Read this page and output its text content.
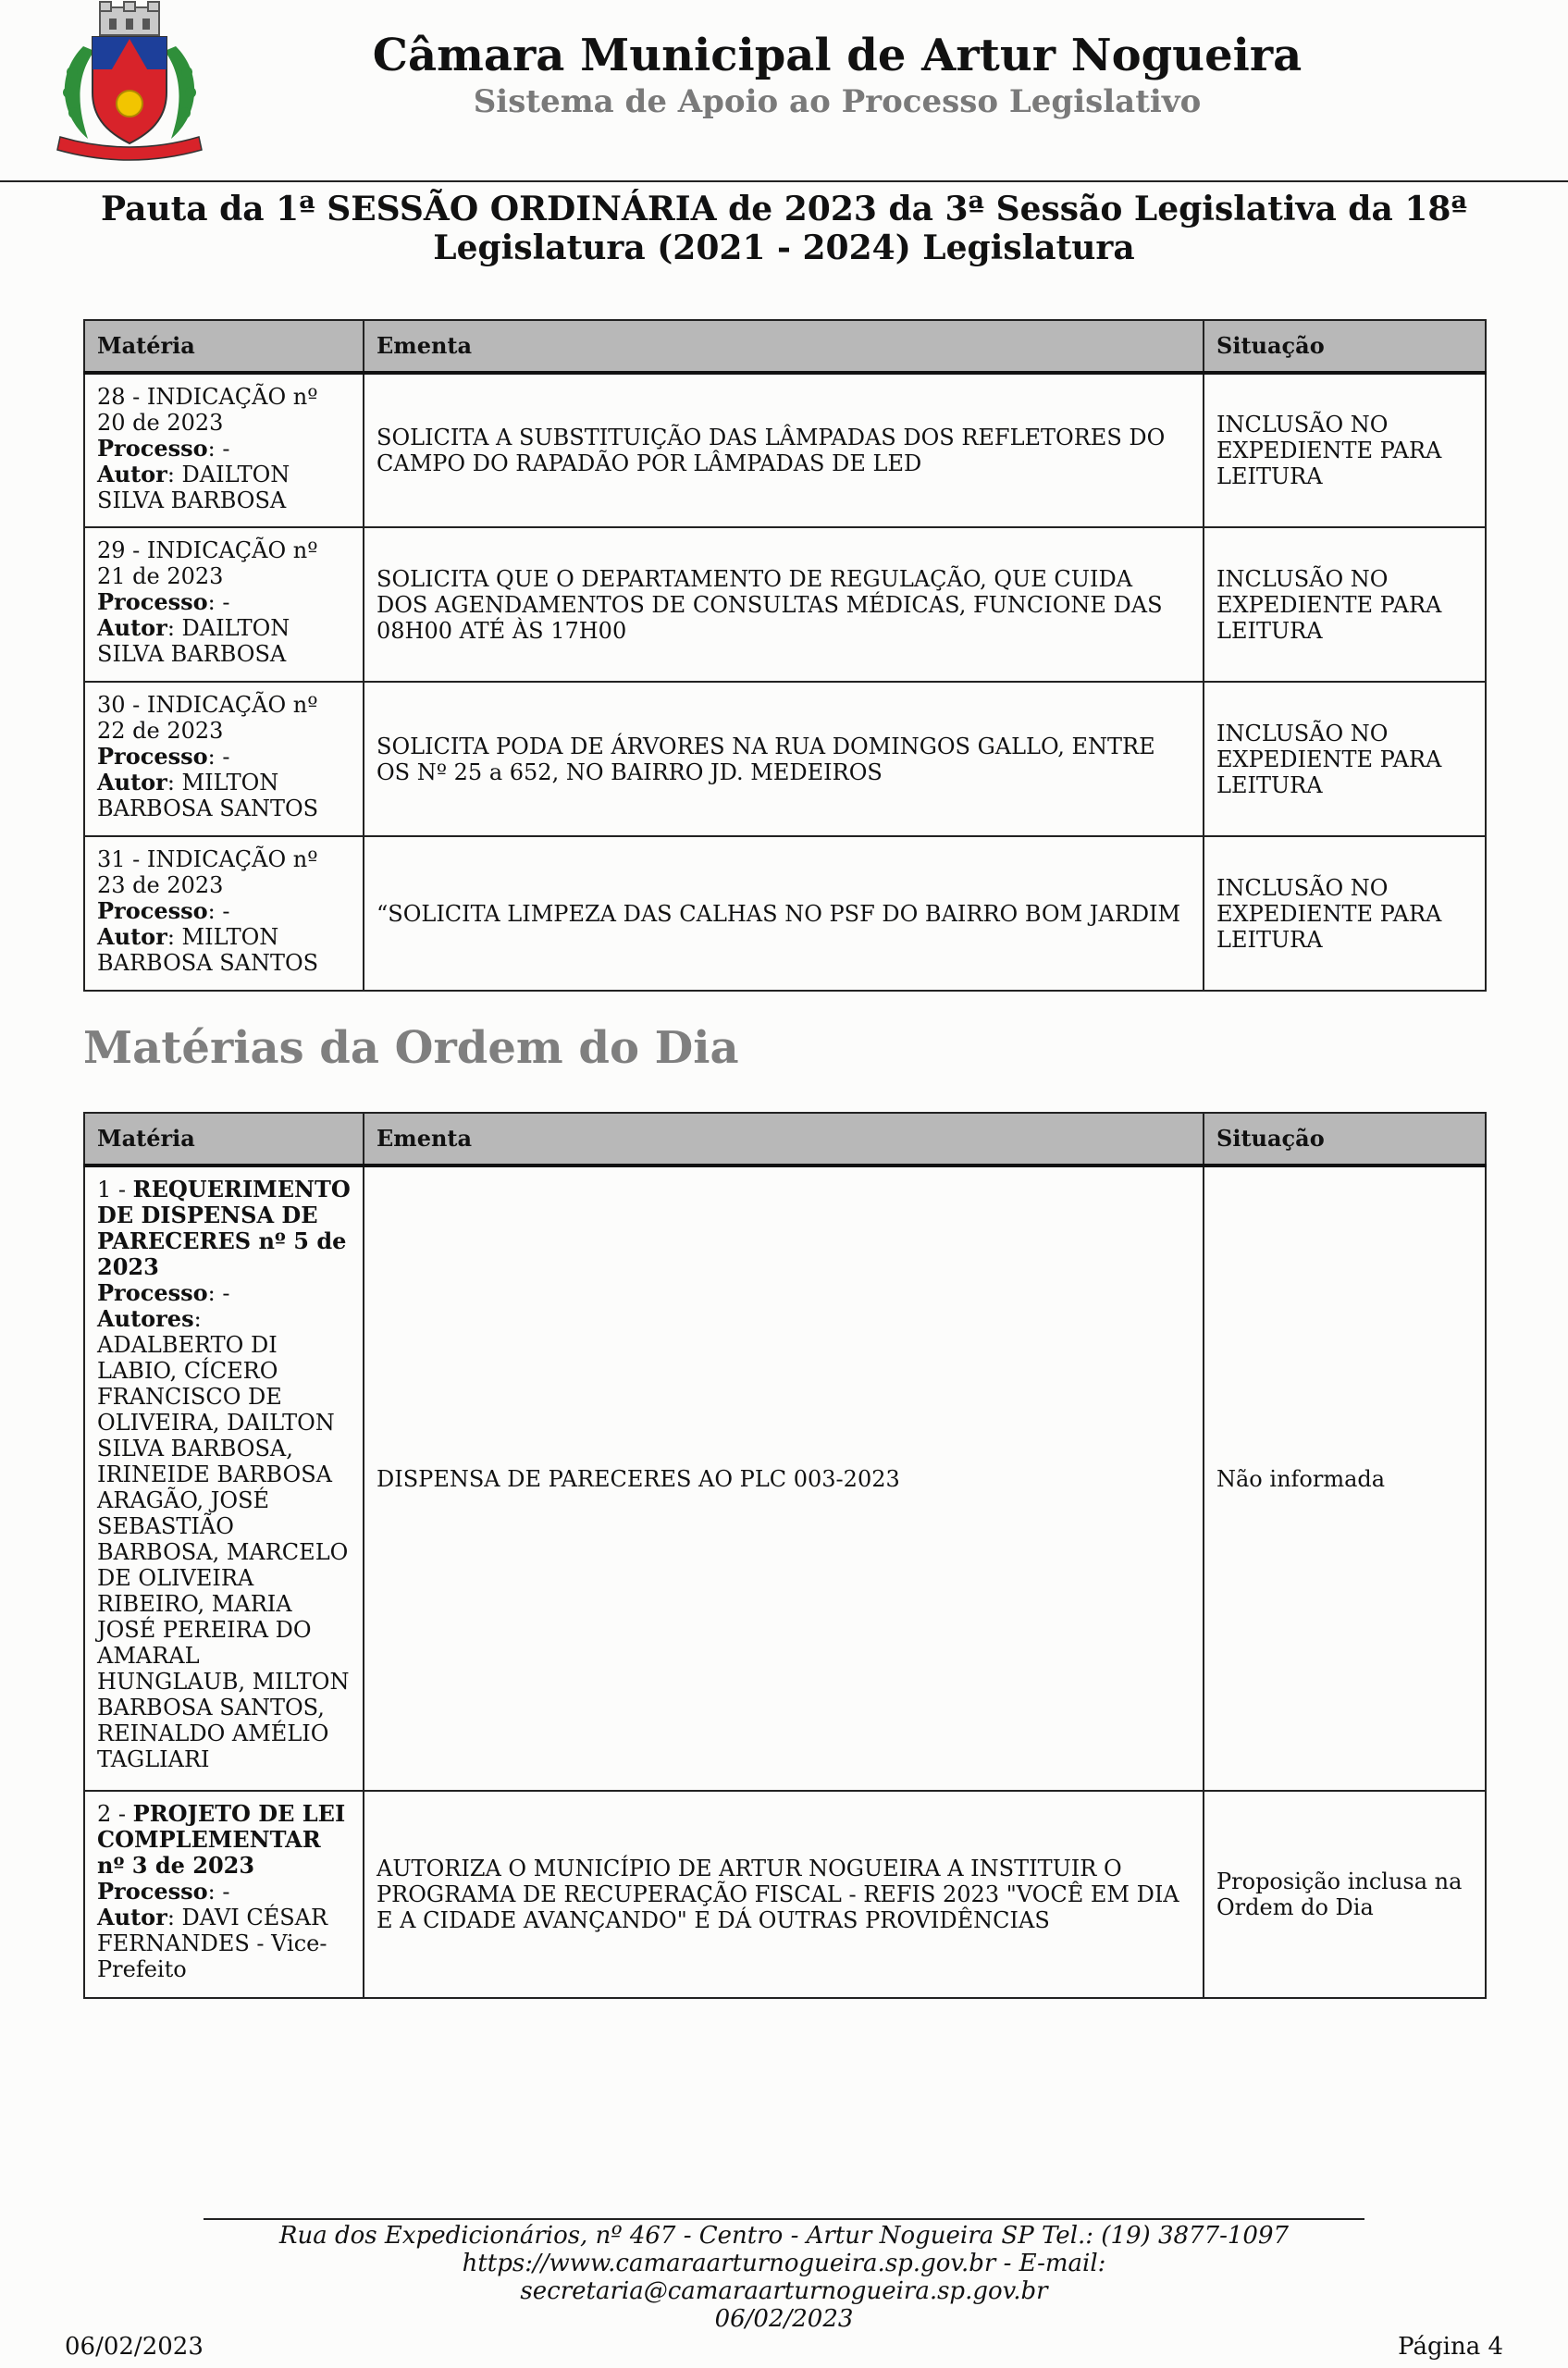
Câmara Municipal de Artur Nogueira
Sistema de Apoio ao Processo Legislativo
Pauta da 1ª SESSÃO ORDINÁRIA de 2023 da 3ª Sessão Legislativa da 18ª Legislatura (2021 - 2024) Legislatura
Matéria	Ementa	Situação
28 - INDICAÇÃO nº 20 de 2023
Processo: -
Autor: DAILTON SILVA BARBOSA	SOLICITA A SUBSTITUIÇÃO DAS LÂMPADAS DOS REFLETORES DO CAMPO DO RAPADÃO POR LÂMPADAS DE LED	INCLUSÃO NO EXPEDIENTE PARA LEITURA
29 - INDICAÇÃO nº 21 de 2023
Processo: -
Autor: DAILTON SILVA BARBOSA	SOLICITA QUE O DEPARTAMENTO DE REGULAÇÃO, QUE CUIDA DOS AGENDAMENTOS DE CONSULTAS MÉDICAS, FUNCIONE DAS 08H00 ATÉ ÀS 17H00	INCLUSÃO NO EXPEDIENTE PARA LEITURA
30 - INDICAÇÃO nº 22 de 2023
Processo: -
Autor: MILTON BARBOSA SANTOS	SOLICITA PODA DE ÁRVORES NA RUA DOMINGOS GALLO, ENTRE OS Nº 25 a 652, NO BAIRRO JD. MEDEIROS	INCLUSÃO NO EXPEDIENTE PARA LEITURA
31 - INDICAÇÃO nº 23 de 2023
Processo: -
Autor: MILTON BARBOSA SANTOS	“SOLICITA LIMPEZA DAS CALHAS NO PSF DO BAIRRO BOM JARDIM	INCLUSÃO NO EXPEDIENTE PARA LEITURA
Matérias da Ordem do Dia
Matéria	Ementa	Situação
1 - REQUERIMENTO DE DISPENSA DE PARECERES nº 5 de 2023
Processo: -
Autores:
ADALBERTO DI LABIO, CÍCERO FRANCISCO DE OLIVEIRA, DAILTON SILVA BARBOSA, IRINEIDE BARBOSA ARAGÃO, JOSÉ SEBASTIÃO BARBOSA, MARCELO DE OLIVEIRA RIBEIRO, MARIA JOSÉ PEREIRA DO AMARAL HUNGLAUB, MILTON BARBOSA SANTOS, REINALDO AMÉLIO TAGLIARI	DISPENSA DE PARECERES AO PLC 003-2023	Não informada
2 - PROJETO DE LEI COMPLEMENTAR nº 3 de 2023
Processo: -
Autor: DAVI CÉSAR FERNANDES - Vice-Prefeito	AUTORIZA O MUNICÍPIO DE ARTUR NOGUEIRA A INSTITUIR O PROGRAMA DE RECUPERAÇÃO FISCAL - REFIS 2023 "VOCÊ EM DIA E A CIDADE AVANÇANDO" E DÁ OUTRAS PROVIDÊNCIAS	Proposição inclusa na Ordem do Dia
Rua dos Expedicionários, nº 467 - Centro - Artur Nogueira SP Tel.: (19) 3877-1097 https://www.camaraarturnogueira.sp.gov.br - E-mail: secretaria@camaraarturnogueira.sp.gov.br
06/02/2023
06/02/2023	Página 4
